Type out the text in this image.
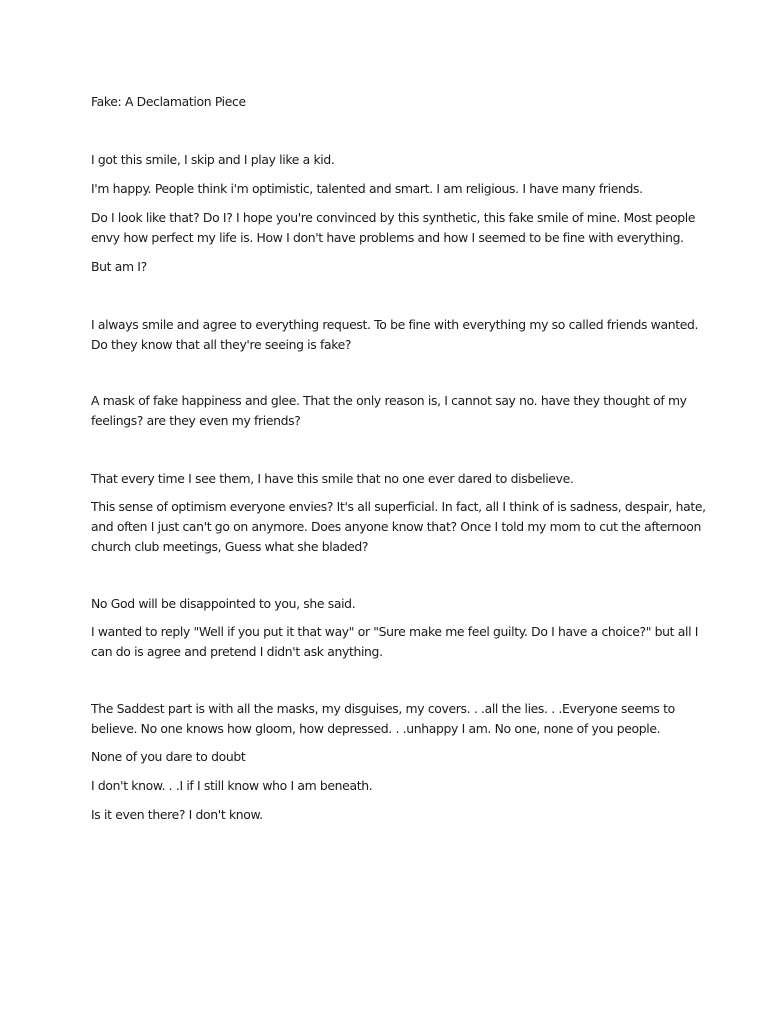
Fake: A Declamation Piece

I got this smile, I skip and I play like a kid.

I'm happy. People think i'm optimistic, talented and smart. I am religious. I have many friends.

Do I look like that? Do I? I hope you're convinced by this synthetic, this fake smile of mine. Most people

envy how perfect my life is. How I don't have problems and how I seemed to be fine with everything.

But am I?

I always smile and agree to everything request. To be fine with everything my so called friends wanted.

Do they know that all they're seeing is fake?

A mask of fake happiness and glee. That the only reason is, I cannot say no. have they thought of my

feelings? are they even my friends?

That every time I see them, I have this smile that no one ever dared to disbelieve.

This sense of optimism everyone envies? It's all superficial. In fact, all I think of is sadness, despair, hate,

and often I just can't go on anymore. Does anyone know that? Once I told my mom to cut the afternoon

church club meetings, Guess what she bladed?

No God will be disappointed to you, she said.

I wanted to reply "Well if you put it that way" or "Sure make me feel guilty. Do I have a choice?" but all I

can do is agree and pretend I didn't ask anything.

The Saddest part is with all the masks, my disguises, my covers. . .all the lies. . .Everyone seems to

believe. No one knows how gloom, how depressed. . .unhappy I am. No one, none of you people.

None of you dare to doubt

I don't know. . .I if I still know who I am beneath.

Is it even there? I don't know.
